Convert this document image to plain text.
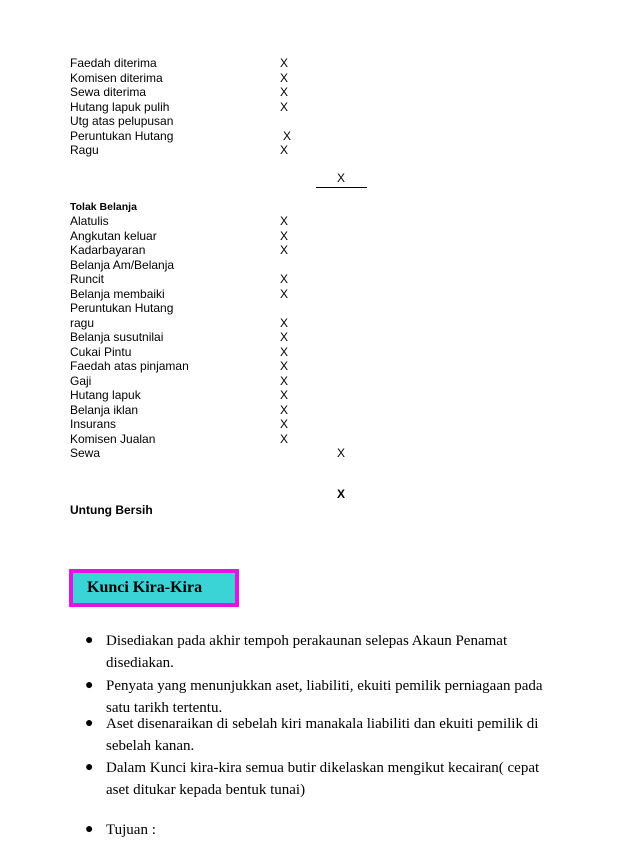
Faedah diterima	X
Komisen diterima	X
Sewa diterima	X
Hutang lapuk pulih	X
Utg atas pelupusan
Peruntukan Hutang	X
Ragu	X
X
Tolak Belanja
Alatulis	X
Angkutan keluar	X
Kadarbayaran	X
Belanja Am/Belanja
Runcit	X
Belanja membaiki	X
Peruntukan Hutang
ragu	X
Belanja susutnilai	X
Cukai Pintu	X
Faedah atas pinjaman	X
Gaji	X
Hutang lapuk	X
Belanja iklan	X
Insurans	X
Komisen Jualan	X
Sewa	X
X
Untung Bersih
Kunci Kira-Kira
● Disediakan pada akhir tempoh perakaunan selepas Akaun Penamat
disediakan.
● Penyata yang menunjukkan aset, liabiliti, ekuiti pemilik perniagaan pada
satu tarikh tertentu.
● Aset disenaraikan di sebelah kiri manakala liabiliti dan ekuiti pemilik di
sebelah kanan.
● Dalam Kunci kira-kira semua butir dikelaskan mengikut kecairan( cepat
aset ditukar kepada bentuk tunai)
● Tujuan :
